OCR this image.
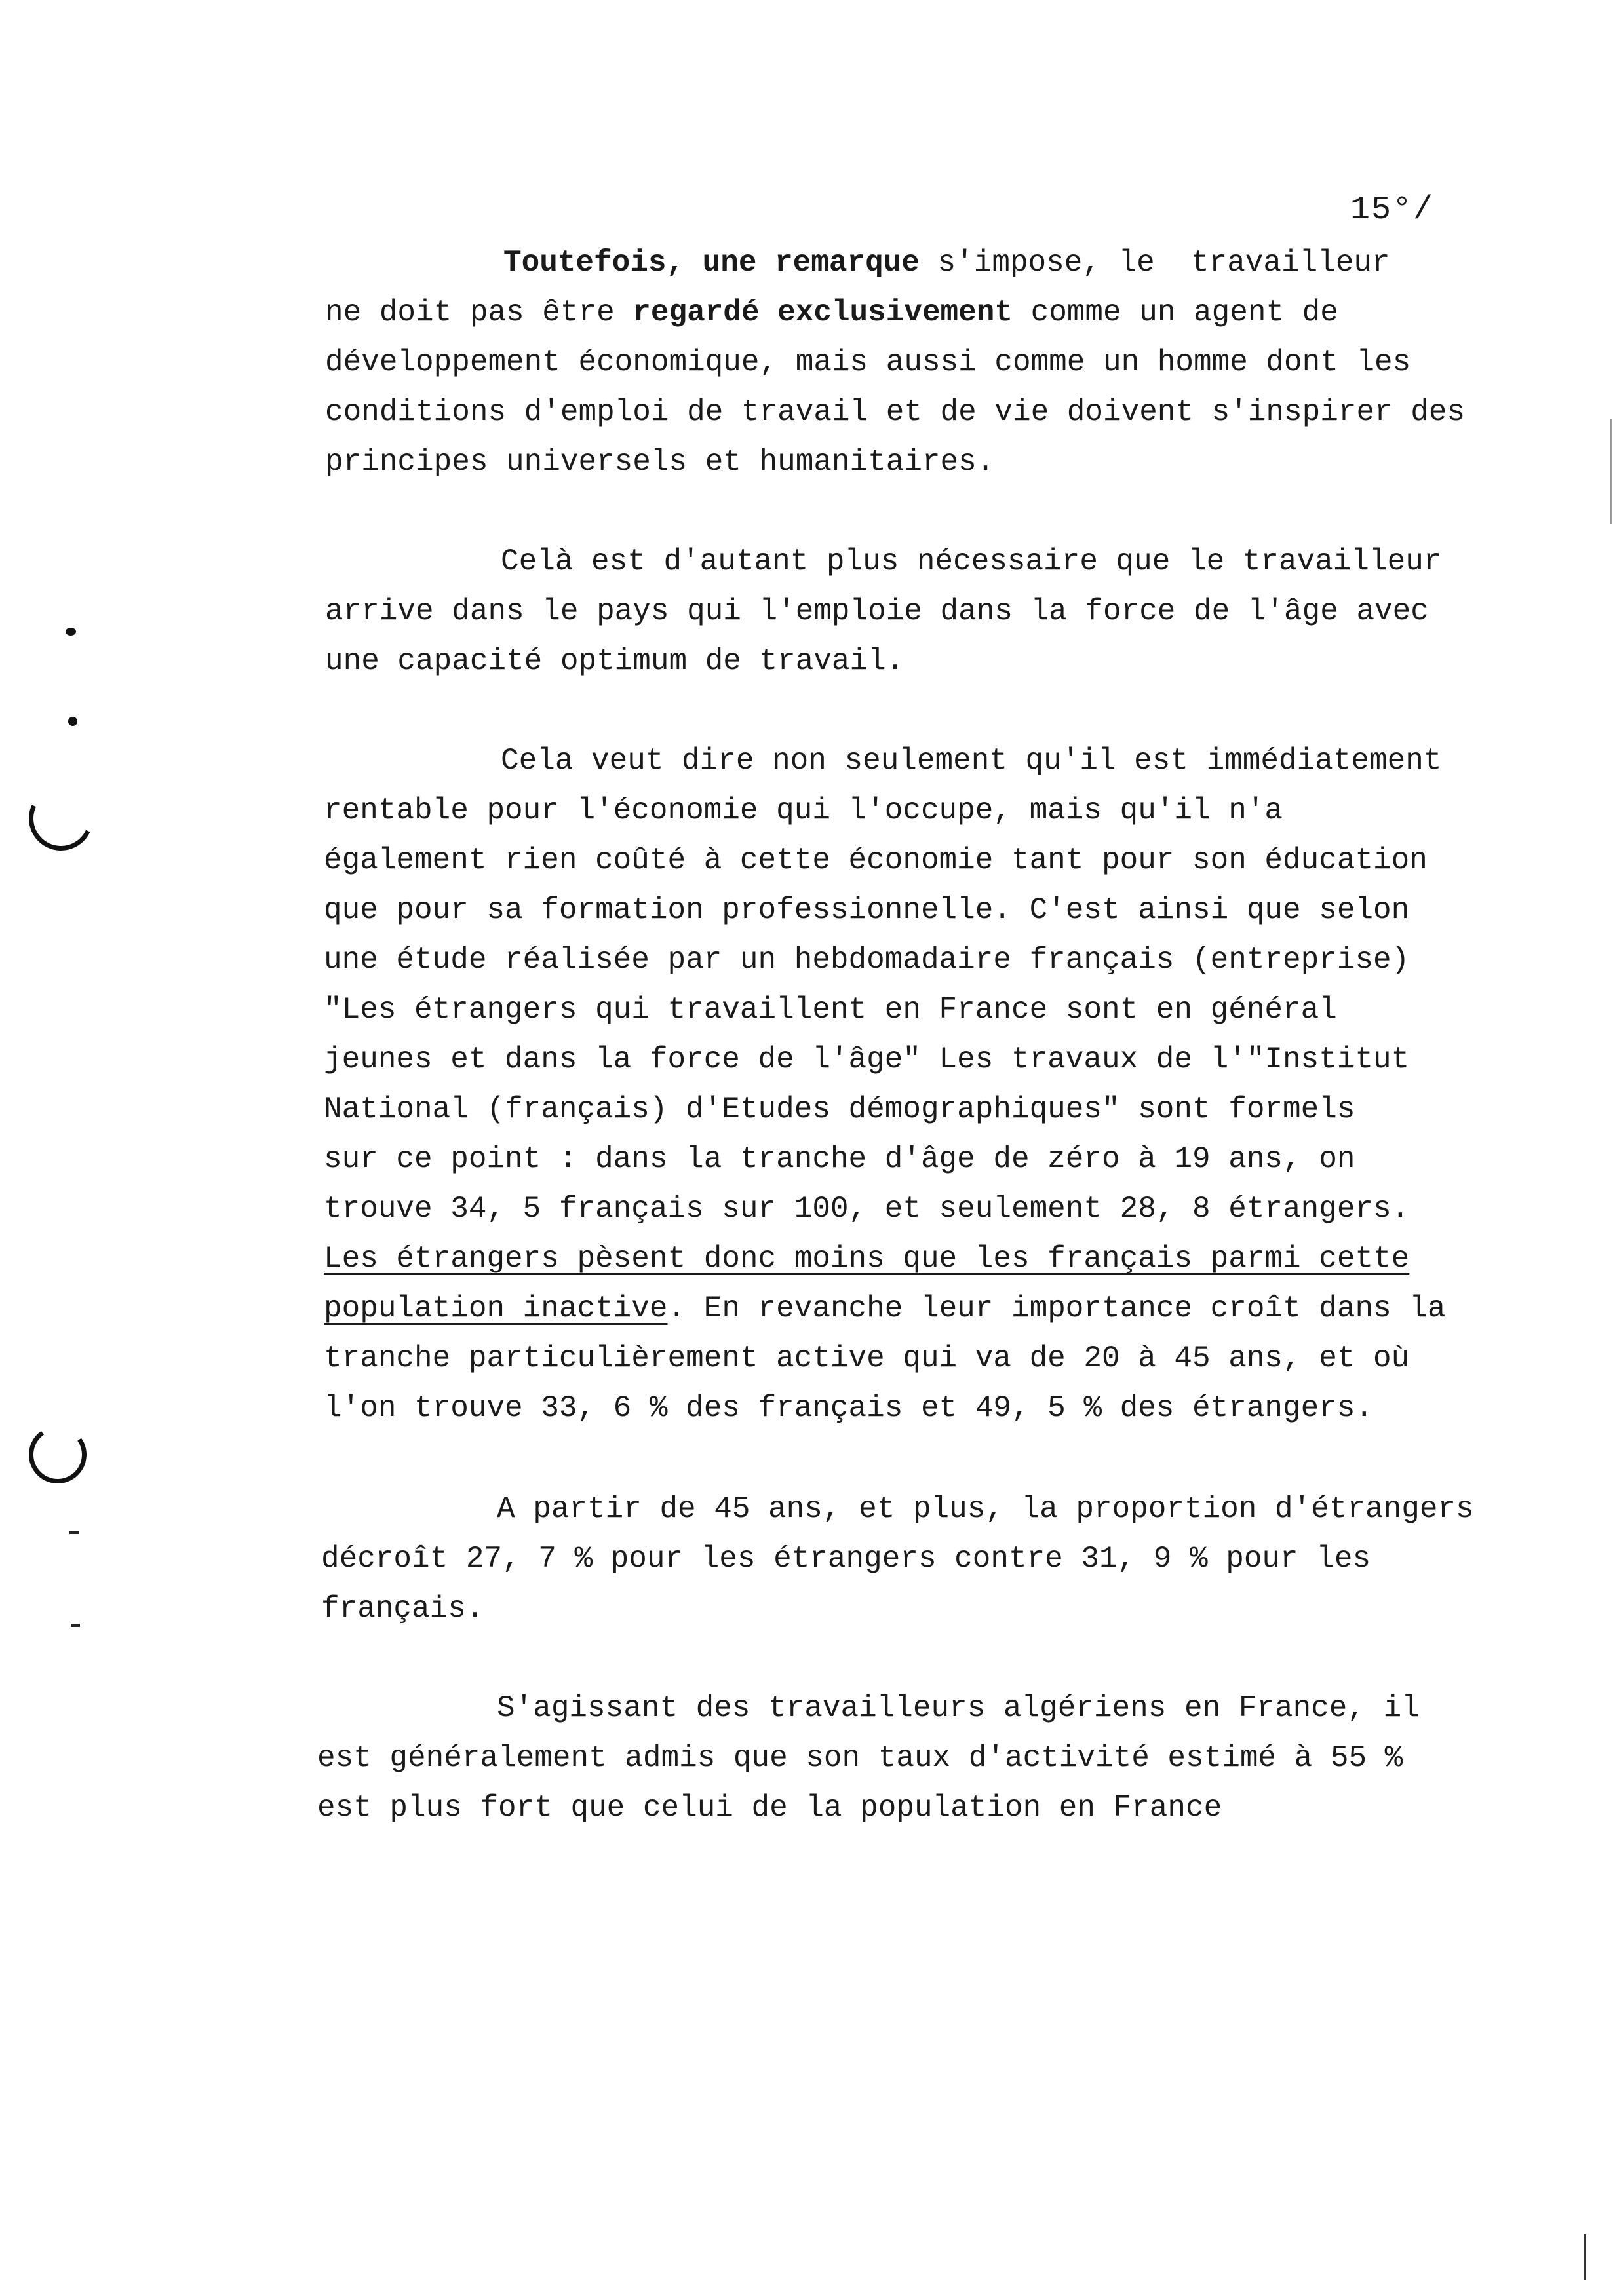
15°/
Toutefois, une remarque s'impose, le  travailleur
ne doit pas être regardé exclusivement comme un agent de
développement économique, mais aussi comme un homme dont les
conditions d'emploi de travail et de vie doivent s'inspirer des
principes universels et humanitaires.
Celà est d'autant plus nécessaire que le travailleur
arrive dans le pays qui l'emploie dans la force de l'âge avec
une capacité optimum de travail.
Cela veut dire non seulement qu'il est immédiatement
rentable pour l'économie qui l'occupe, mais qu'il n'a
également rien coûté à cette économie tant pour son éducation
que pour sa formation professionnelle. C'est ainsi que selon
une étude réalisée par un hebdomadaire français (entreprise)
"Les étrangers qui travaillent en France sont en général
jeunes et dans la force de l'âge" Les travaux de l'"Institut
National (français) d'Etudes démographiques" sont formels
sur ce point : dans la tranche d'âge de zéro à 19 ans, on
trouve 34, 5 français sur 100, et seulement 28, 8 étrangers.
Les étrangers pèsent donc moins que les français parmi cette
population inactive. En revanche leur importance croît dans la
tranche particulièrement active qui va de 20 à 45 ans, et où
l'on trouve 33, 6 % des français et 49, 5 % des étrangers.
A partir de 45 ans, et plus, la proportion d'étrangers
décroît 27, 7 % pour les étrangers contre 31, 9 % pour les
français.
S'agissant des travailleurs algériens en France, il
est généralement admis que son taux d'activité estimé à 55 %
est plus fort que celui de la population en France
